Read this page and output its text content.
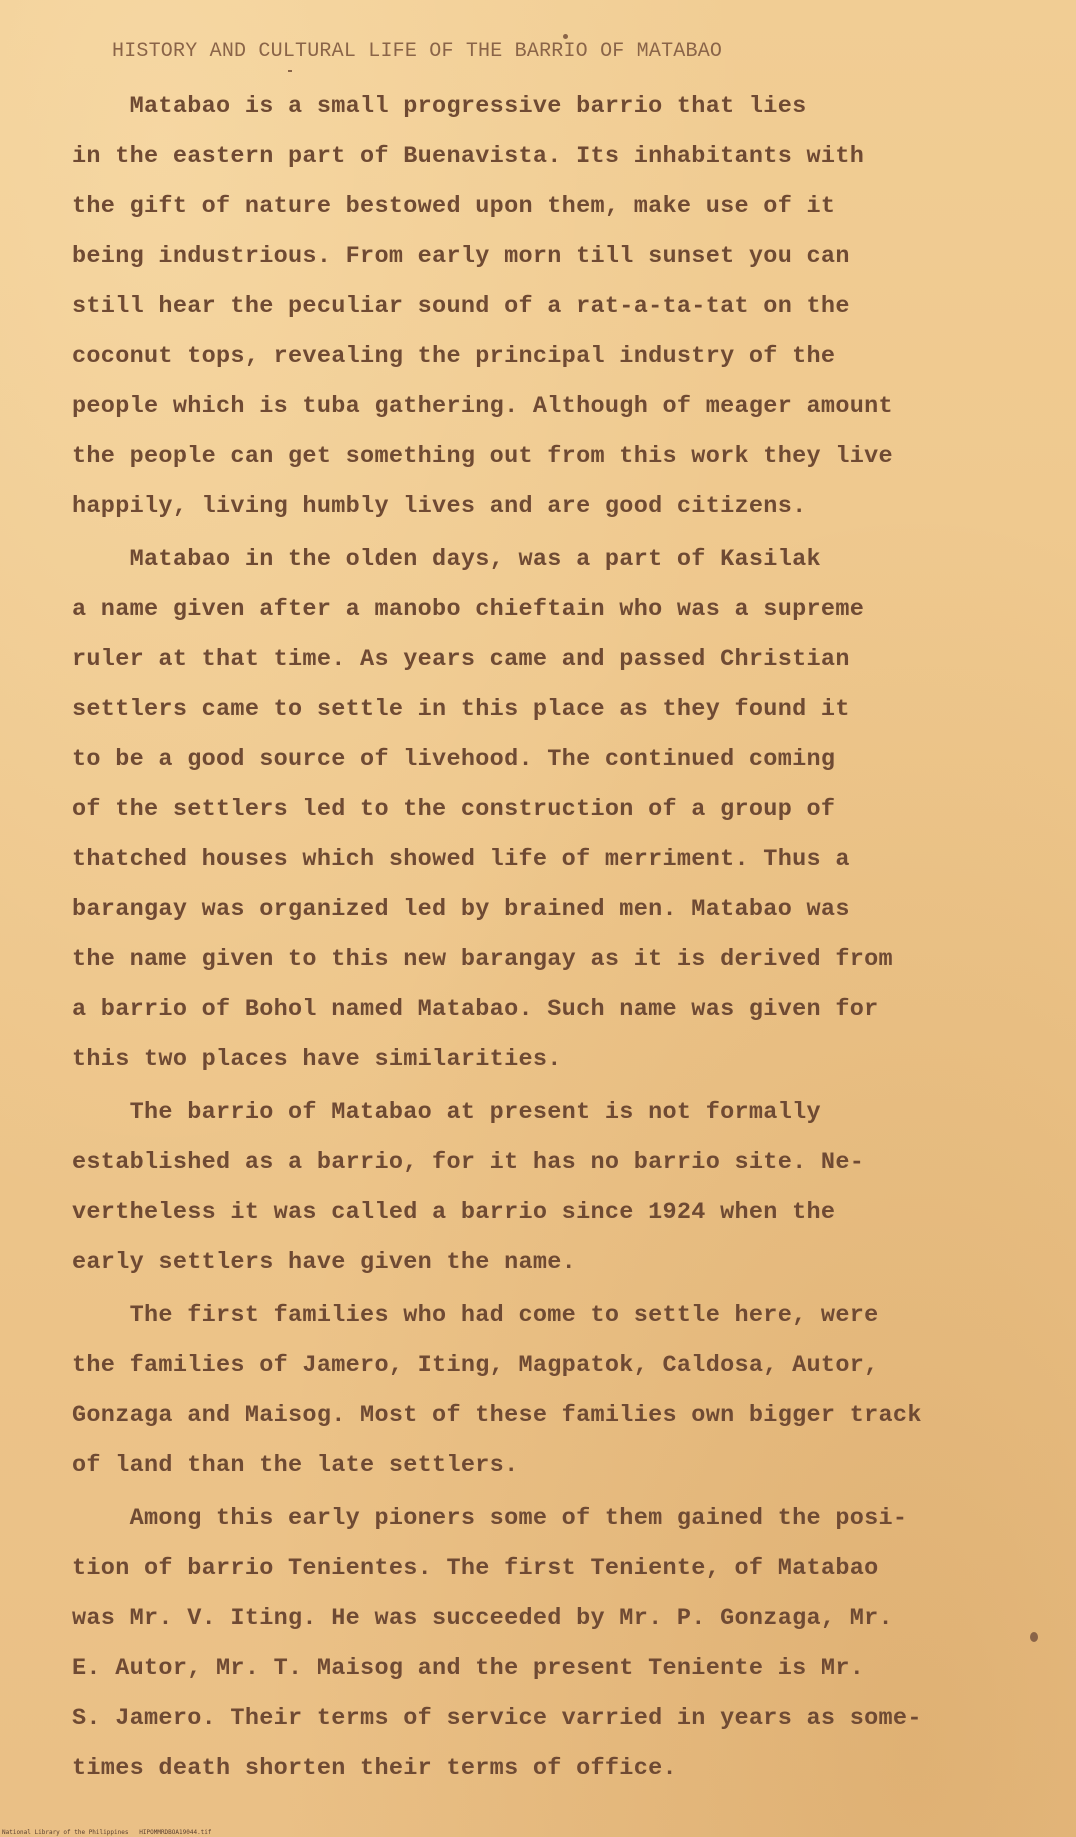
HISTORY AND CULTURAL LIFE OF THE BARRIO OF MATABAO
Matabao is a small progressive barrio that lies
in the eastern part of Buenavista. Its inhabitants with
the gift of nature bestowed upon them, make use of it
being industrious. From early morn till sunset you can
still hear the peculiar sound of a rat-a-ta-tat on the
coconut tops, revealing the principal industry of the
people which is tuba gathering. Although of meager amount
the people can get something out from this work they live
happily, living humbly lives and are good citizens.
Matabao in the olden days, was a part of Kasilak
a name given after a manobo chieftain who was a supreme
ruler at that time. As years came and passed Christian
settlers came to settle in this place as they found it
to be a good source of livehood. The continued coming
of the settlers led to the construction of a group of
thatched houses which showed life of merriment. Thus a
barangay was organized led by brained men. Matabao was
the name given to this new barangay as it is derived from
a barrio of Bohol named Matabao. Such name was given for
this two places have similarities.
The barrio of Matabao at present is not formally
established as a barrio, for it has no barrio site. Ne-
vertheless it was called a barrio since 1924 when the
early settlers have given the name.
The first families who had come to settle here, were
the families of Jamero, Iting, Magpatok, Caldosa, Autor,
Gonzaga and Maisog. Most of these families own bigger track
of land than the late settlers.
Among this early pioners some of them gained the posi-
tion of barrio Tenientes. The first Teniente, of Matabao
was Mr. V. Iting. He was succeeded by Mr. P. Gonzaga, Mr.
E. Autor, Mr. T. Maisog and the present Teniente is Mr.
S. Jamero. Their terms of service varried in years as some-
times death shorten their terms of office.
National Library of the Philippines   HIPOMMRDBOA19044.tif
